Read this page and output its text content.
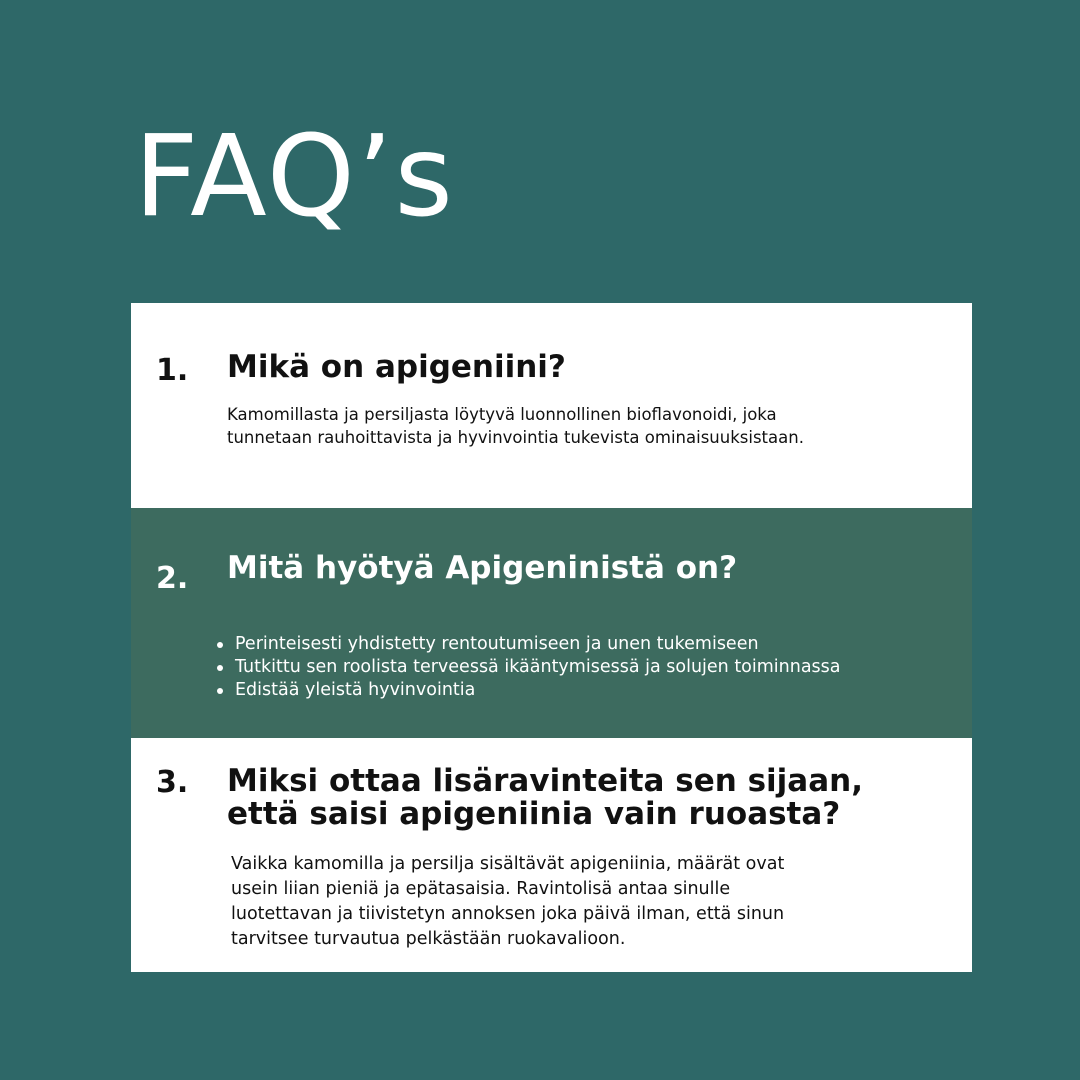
FAQ’s
1. Mikä on apigeniini?
Kamomillasta ja persiljasta löytyvä luonnollinen bioflavonoidi, joka
tunnetaan rauhoittavista ja hyvinvointia tukevista ominaisuuksistaan.
2. Mitä hyötyä Apigeninistä on?
Perinteisesti yhdistetty rentoutumiseen ja unen tukemiseen
Tutkittu sen roolista terveessä ikääntymisessä ja solujen toiminnassa
Edistää yleistä hyvinvointia
3. Miksi ottaa lisäravinteita sen sijaan,
että saisi apigeniinia vain ruoasta?
Vaikka kamomilla ja persilja sisältävät apigeniinia, määrät ovat
usein liian pieniä ja epätasaisia. Ravintolisä antaa sinulle
luotettavan ja tiivistetyn annoksen joka päivä ilman, että sinun
tarvitsee turvautua pelkästään ruokavalioon.
